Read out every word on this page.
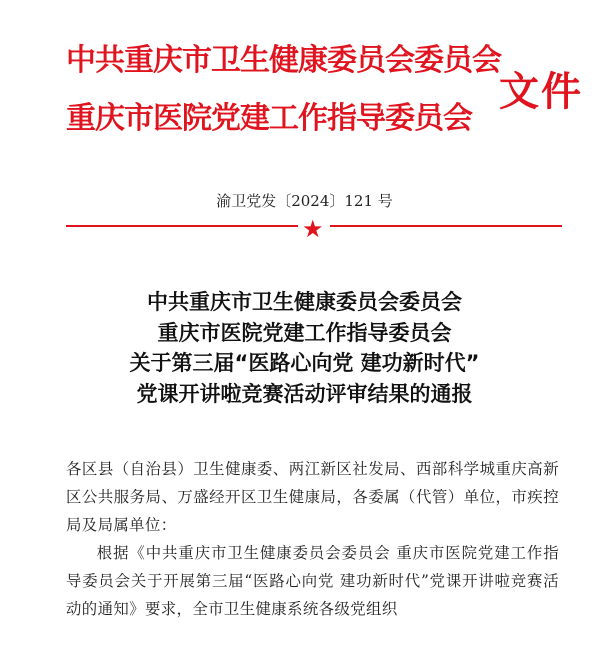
中共重庆市卫生健康委员会委员会
重庆市医院党建工作指导委员会
文件
渝卫党发〔2024〕121 号
★
中共重庆市卫生健康委员会委员会
重庆市医院党建工作指导委员会
关于第三届“医路心向党 建功新时代”
党课开讲啦竞赛活动评审结果的通报

各区县（自治县）卫生健康委、两江新区社发局、西部科学城重庆高新区公共服务局、万盛经开区卫生健康局，各委属（代管）单位，市疾控局及局属单位：

根据《中共重庆市卫生健康委员会委员会 重庆市医院党建工作指导委员会关于开展第三届“医路心向党 建功新时代”党课开讲啦竞赛活动的通知》要求，全市卫生健康系统各级党组织
